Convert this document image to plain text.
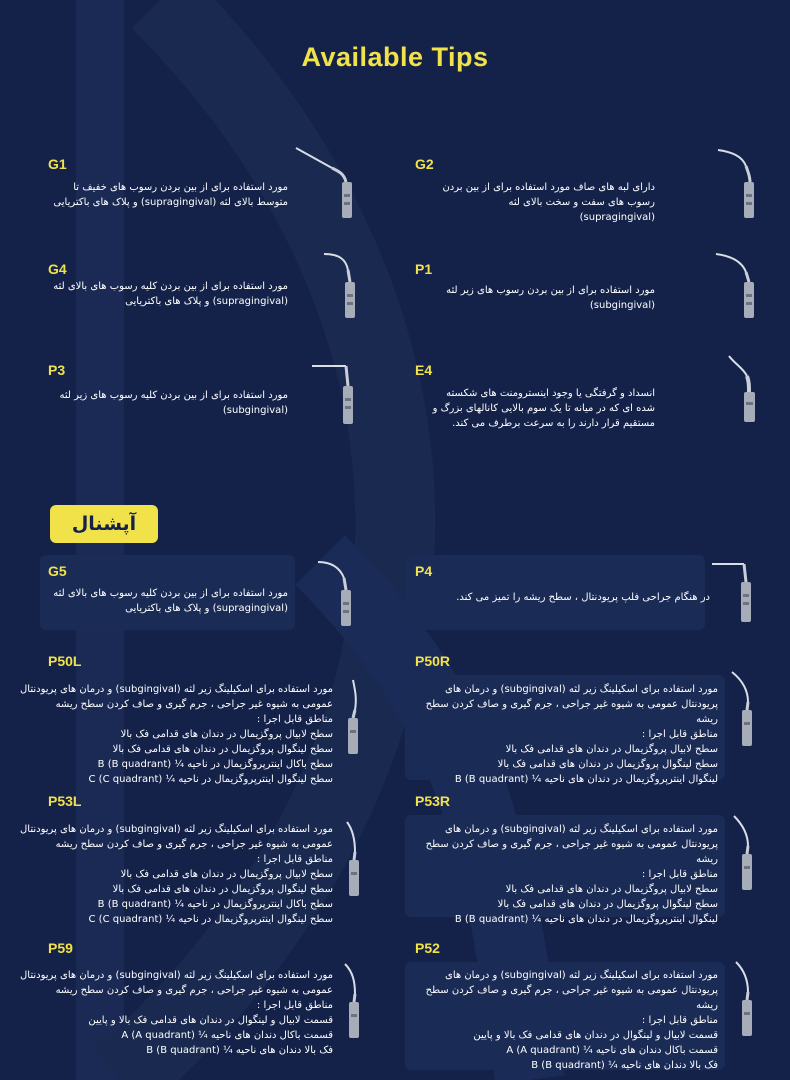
Available Tips
G1
مورد استفاده برای از بین بردن رسوب های خفیف تا متوسط بالای لثه (supragingival) و پلاک های باکتریایی
G2
دارای لبه های صاف مورد استفاده برای از بین بردن رسوب های سفت و سخت بالای لثه (supragingival)
G4
مورد استفاده برای از بین بردن کلیه رسوب های بالای لثه (supragingival) و پلاک های باکتریایی
P1
مورد استفاده برای از بین بردن رسوب های زیر لثه (subgingival)
P3
مورد استفاده برای از بین بردن کلیه رسوب های زیر لثه (subgingival)
E4
انسداد و گرفتگی یا وجود اینسترومنت های شکسته شده ای که در میانه تا یک سوم بالایی کانالهای بزرگ و مستقیم قرار دارند را به سرعت برطرف می کند.
آپشنال
G5
مورد استفاده برای از بین بردن کلیه رسوب های بالای لثه (supragingival) و پلاک های باکتریایی
P4
در هنگام جراحی فلپ پریودنتال ، سطح ریشه را تمیز می کند.
P50L
مورد استفاده برای اسکیلینگ زیر لثه (subgingival) و درمان های پریودنتال عمومی به شیوه غیر جراحی ، جرم گیری و صاف کردن سطح ریشه
مناطق قابل اجرا :
سطح لابیال پروگزیمال در دندان های قدامی فک بالا
سطح لینگوال پروگزیمال در دندان های قدامی فک بالا
سطح باکال اینترپروگزیمال در ناحیه ¼ B (B quadrant)
سطح لینگوال اینترپروگزیمال در ناحیه ¼ C (C quadrant)
P50R
مورد استفاده برای اسکیلینگ زیر لثه (subgingival) و درمان های پریودنتال عمومی به شیوه غیر جراحی ، جرم گیری و صاف کردن سطح ریشه
مناطق قابل اجرا :
سطح لابیال پروگزیمال در دندان های قدامی فک بالا
سطح لینگوال پروگزیمال در دندان های قدامی فک بالا
لینگوال اینترپروگزیمال در دندان های ناحیه ¼ B (B quadrant)
P53L
مورد استفاده برای اسکیلینگ زیر لثه (subgingival) و درمان های پریودنتال عمومی به شیوه غیر جراحی ، جرم گیری و صاف کردن سطح ریشه
مناطق قابل اجرا :
سطح لابیال پروگزیمال در دندان های قدامی فک بالا
سطح لینگوال پروگزیمال در دندان های قدامی فک بالا
سطح باکال اینترپروگزیمال در ناحیه ¼ B (B quadrant)
سطح لینگوال اینترپروگزیمال در ناحیه ¼ C (C quadrant)
P53R
مورد استفاده برای اسکیلینگ زیر لثه (subgingival) و درمان های پریودنتال عمومی به شیوه غیر جراحی ، جرم گیری و صاف کردن سطح ریشه
مناطق قابل اجرا :
سطح لابیال پروگزیمال در دندان های قدامی فک بالا
سطح لینگوال پروگزیمال در دندان های قدامی فک بالا
لینگوال اینترپروگزیمال در دندان های ناحیه ¼ B (B quadrant)
P59
مورد استفاده برای اسکیلینگ زیر لثه (subgingival) و درمان های پریودنتال عمومی به شیوه غیر جراحی ، جرم گیری و صاف کردن سطح ریشه
مناطق قابل اجرا :
قسمت لابیال و لینگوال در دندان های قدامی فک بالا و پایین
قسمت باکال دندان های ناحیه ¼ A (A quadrant)
فک بالا دندان های ناحیه ¼ B (B quadrant)
P52
مورد استفاده برای اسکیلینگ زیر لثه (subgingival) و درمان های پریودنتال عمومی به شیوه غیر جراحی ، جرم گیری و صاف کردن سطح ریشه
مناطق قابل اجرا :
قسمت لابیال و لینگوال در دندان های قدامی فک بالا و پایین
قسمت باکال دندان های ناحیه ¼ A (A quadrant)
فک بالا دندان های ناحیه ¼ B (B quadrant)
